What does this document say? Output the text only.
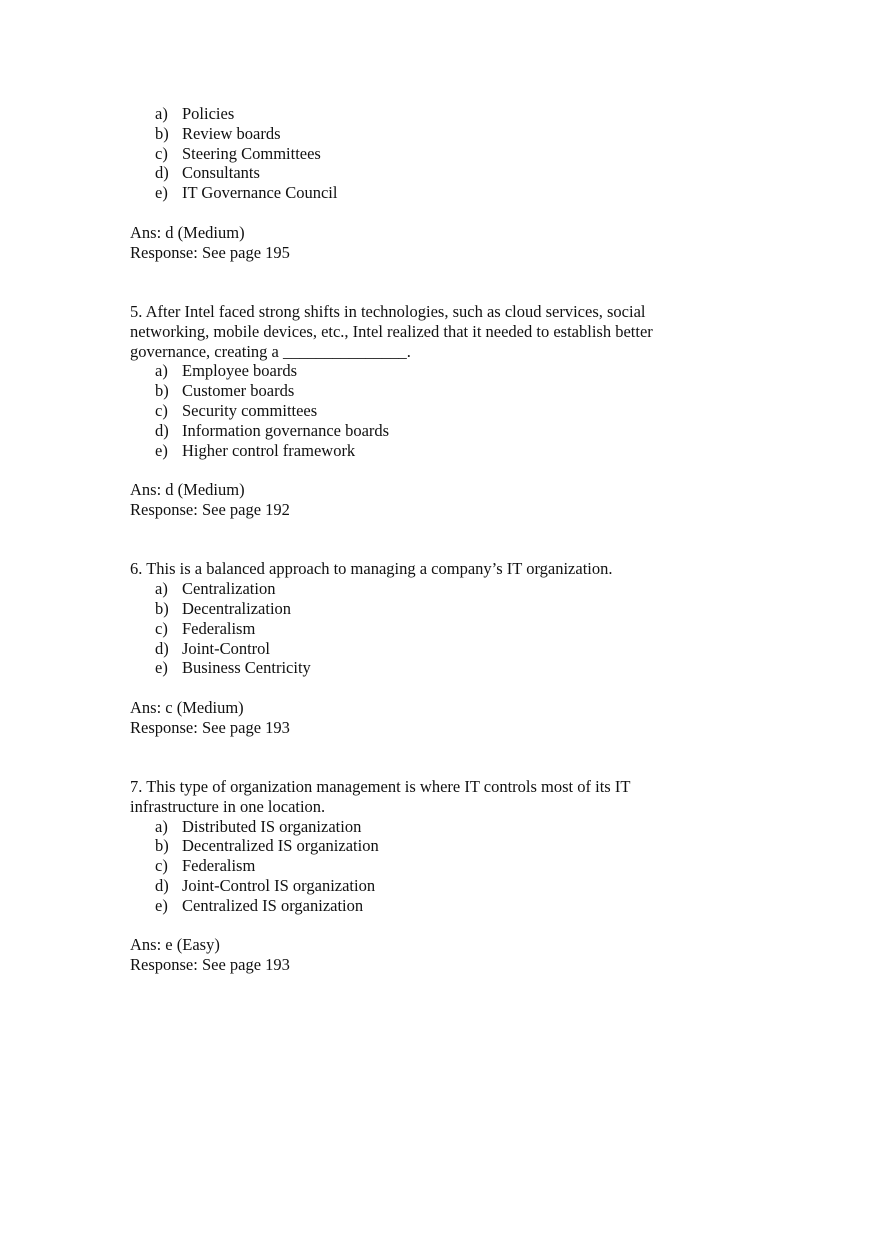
a) Policies
b) Review boards
c) Steering Committees
d) Consultants
e) IT Governance Council
Ans: d (Medium)
Response: See page 195
5. After Intel faced strong shifts in technologies, such as cloud services, social
networking, mobile devices, etc., Intel realized that it needed to establish better
governance, creating a _______________.
a) Employee boards
b) Customer boards
c) Security committees
d) Information governance boards
e) Higher control framework
Ans: d (Medium)
Response: See page 192
6. This is a balanced approach to managing a company’s IT organization.
a) Centralization
b) Decentralization
c) Federalism
d) Joint-Control
e) Business Centricity
Ans: c (Medium)
Response: See page 193
7. This type of organization management is where IT controls most of its IT
infrastructure in one location.
a) Distributed IS organization
b) Decentralized IS organization
c) Federalism
d) Joint-Control IS organization
e) Centralized IS organization
Ans: e (Easy)
Response: See page 193
